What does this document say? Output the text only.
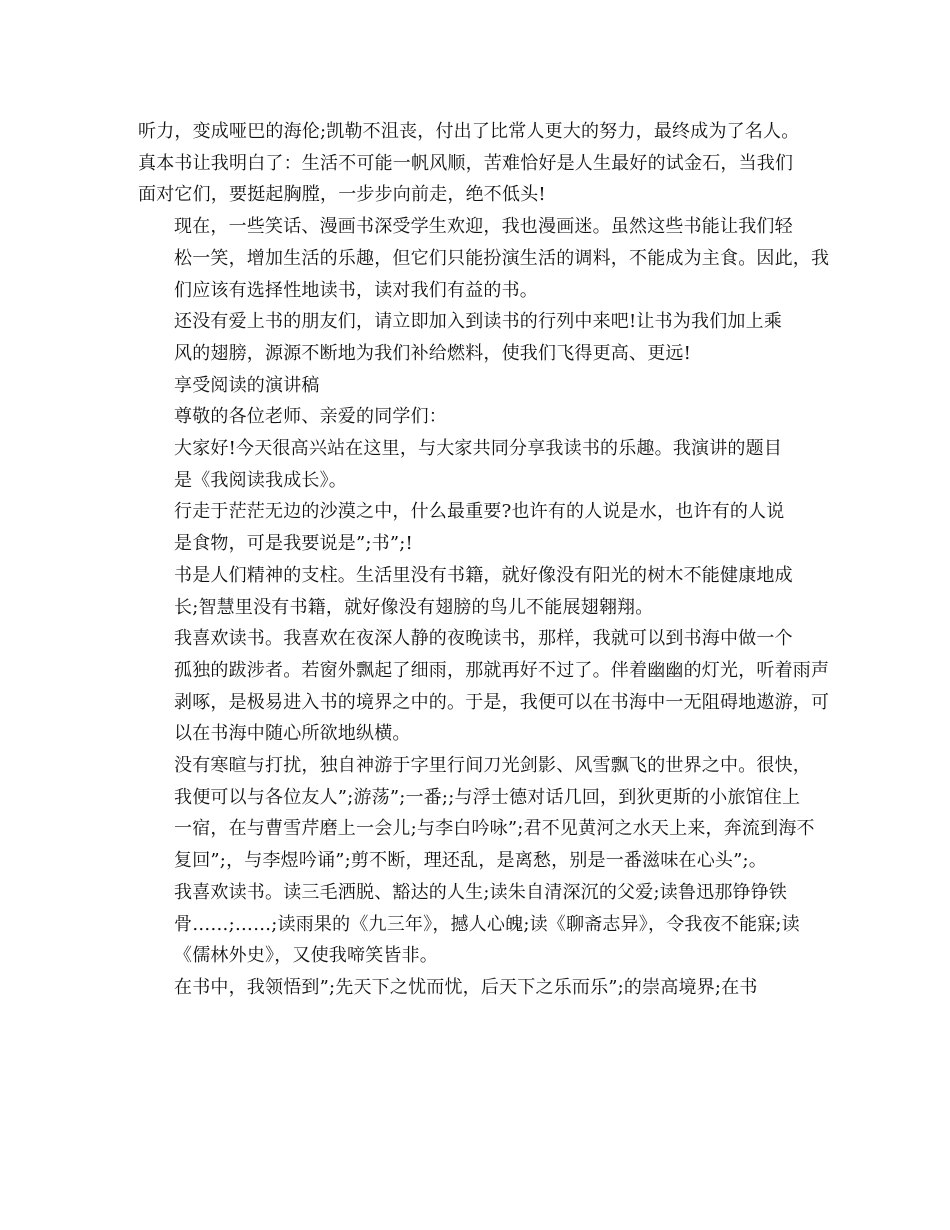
听力，变成哑巴的海伦;凯勒不沮丧，付出了比常人更大的努力，最终成为了名人。
真本书让我明白了：生活不可能一帆风顺，苦难恰好是人生最好的试金石，当我们
面对它们，要挺起胸膛，一步步向前走，绝不低头!

现在，一些笑话、漫画书深受学生欢迎，我也漫画迷。虽然这些书能让我们轻
松一笑，增加生活的乐趣，但它们只能扮演生活的调料，不能成为主食。因此，我
们应该有选择性地读书，读对我们有益的书。

还没有爱上书的朋友们，请立即加入到读书的行列中来吧!让书为我们加上乘
风的翅膀，源源不断地为我们补给燃料，使我们飞得更高、更远!

享受阅读的演讲稿

尊敬的各位老师、亲爱的同学们：

大家好!今天很高兴站在这里，与大家共同分享我读书的乐趣。我演讲的题目
是《我阅读我成长》。

行走于茫茫无边的沙漠之中，什么最重要?也许有的人说是水，也许有的人说
是食物，可是我要说是”;书”;!

书是人们精神的支柱。生活里没有书籍，就好像没有阳光的树木不能健康地成
长;智慧里没有书籍，就好像没有翅膀的鸟儿不能展翅翱翔。

我喜欢读书。我喜欢在夜深人静的夜晚读书，那样，我就可以到书海中做一个
孤独的跋涉者。若窗外飘起了细雨，那就再好不过了。伴着幽幽的灯光，听着雨声
剥啄，是极易进入书的境界之中的。于是，我便可以在书海中一无阻碍地遨游，可
以在书海中随心所欲地纵横。

没有寒暄与打扰，独自神游于字里行间刀光剑影、风雪飘飞的世界之中。很快，
我便可以与各位友人”;游荡”;一番;;与浮士德对话几回，到狄更斯的小旅馆住上
一宿，在与曹雪芹磨上一会儿;与李白吟咏”;君不见黄河之水天上来，奔流到海不
复回”;，与李煜吟诵”;剪不断，理还乱，是离愁，别是一番滋味在心头”;。

我喜欢读书。读三毛洒脱、豁达的人生;读朱自清深沉的父爱;读鲁迅那铮铮铁
骨……;……;读雨果的《九三年》，撼人心魄;读《聊斋志异》，令我夜不能寐;读
《儒林外史》，又使我啼笑皆非。

在书中，我领悟到”;先天下之忧而忧，后天下之乐而乐”;的崇高境界;在书
